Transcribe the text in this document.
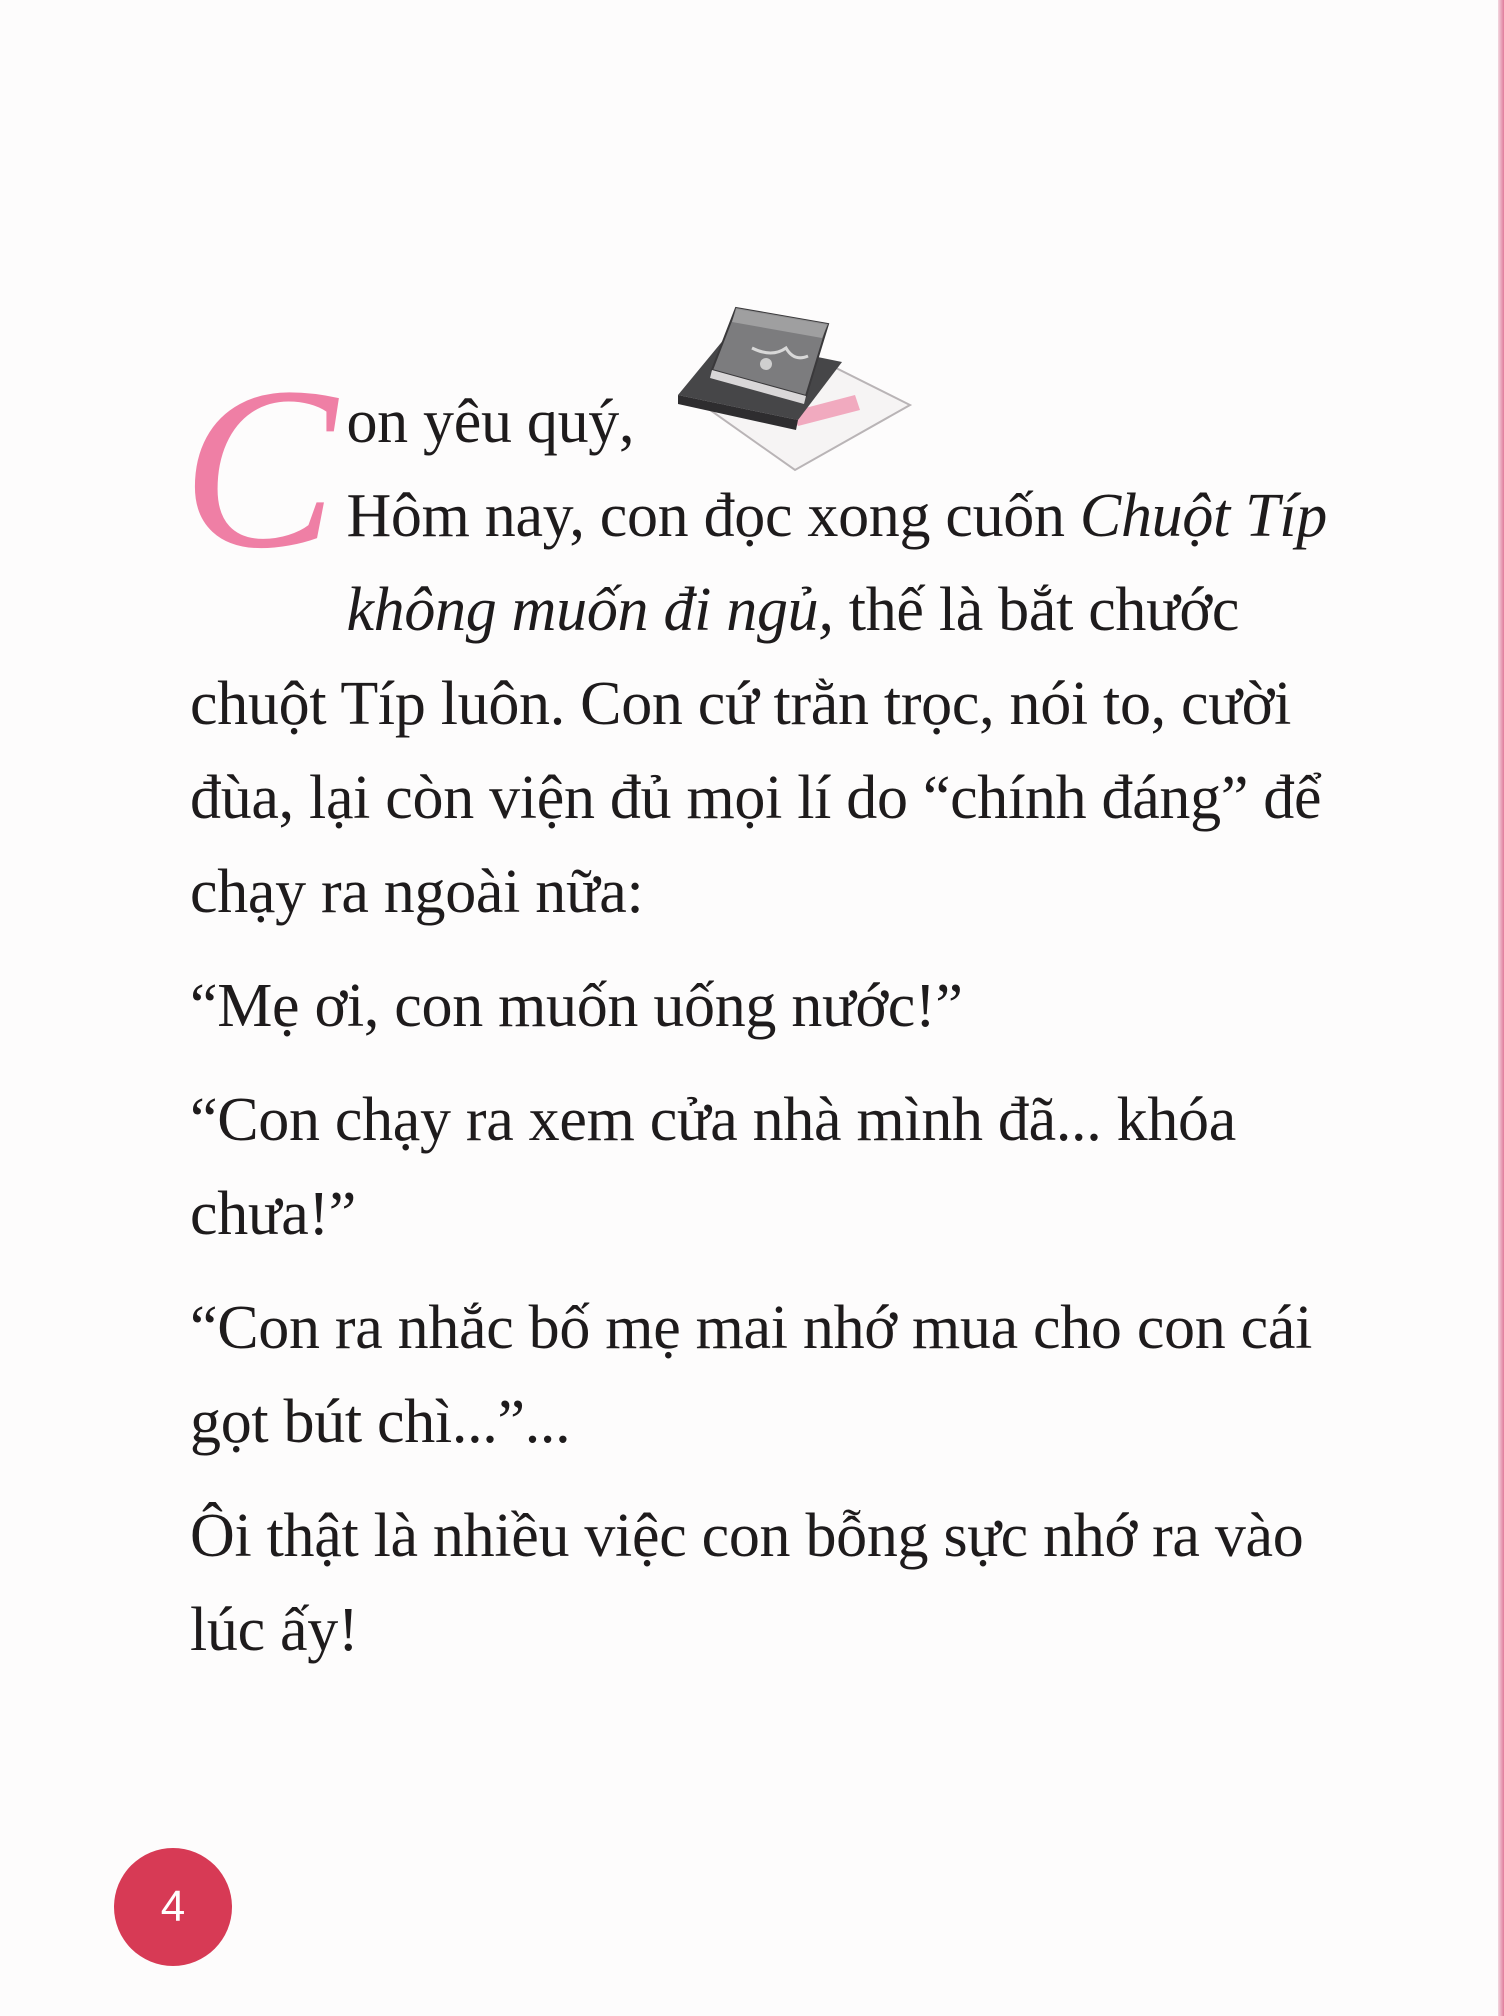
C on yêu quý,
Hôm nay, con đọc xong cuốn Chuột Típ không muốn đi ngủ, thế là bắt chước chuột Típ luôn. Con cứ trằn trọc, nói to, cười đùa, lại còn viện đủ mọi lí do “chính đáng” để chạy ra ngoài nữa:

“Mẹ ơi, con muốn uống nước!”

“Con chạy ra xem cửa nhà mình đã... khóa chưa!”

“Con ra nhắc bố mẹ mai nhớ mua cho con cái gọt bút chì...”...

Ôi thật là nhiều việc con bỗng sực nhớ ra vào lúc ấy!

4
